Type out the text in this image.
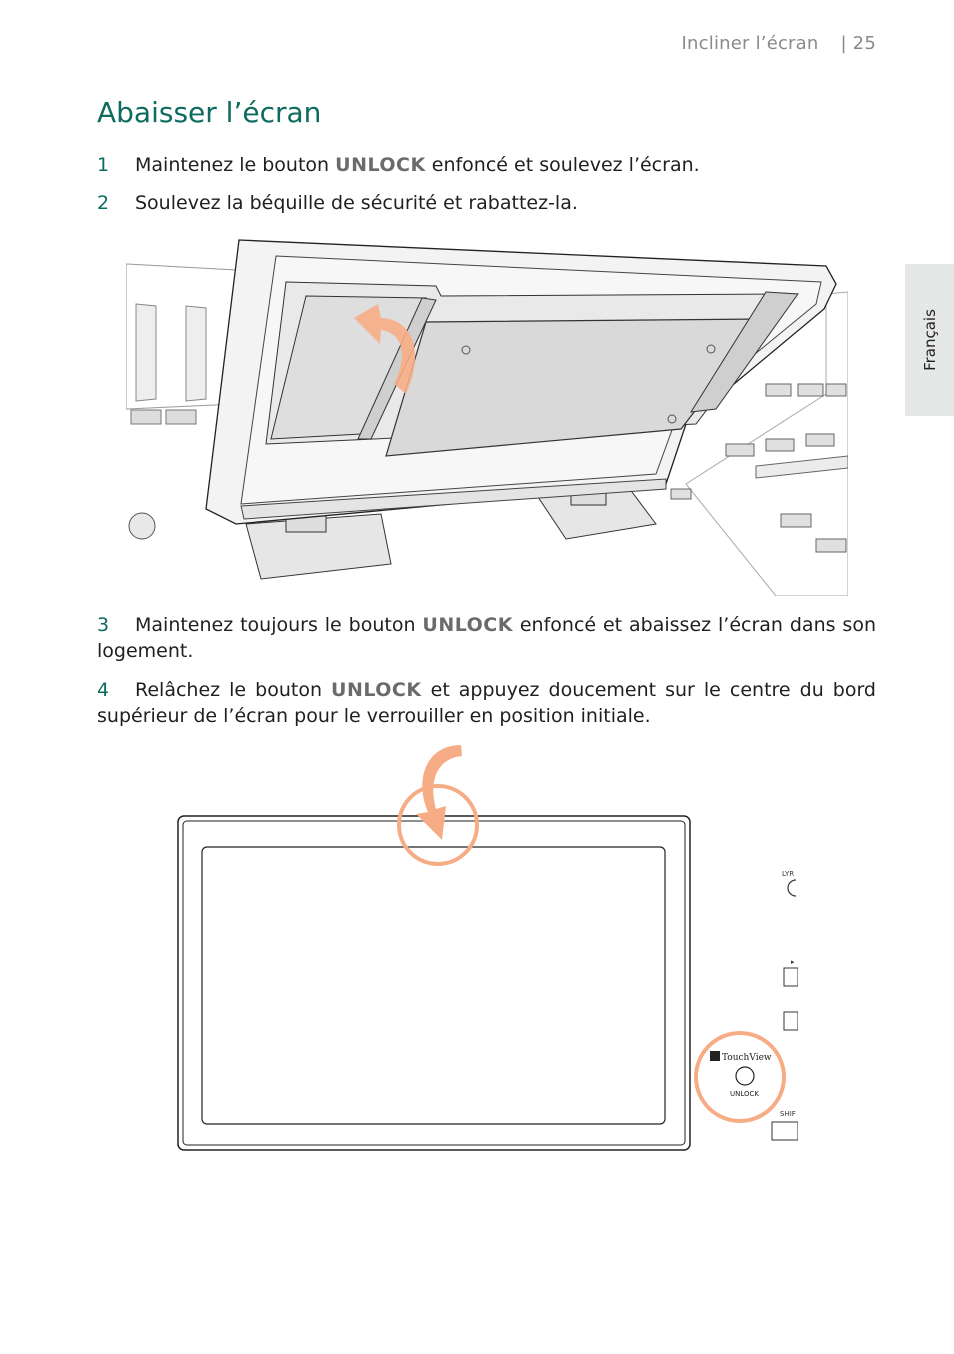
Incliner l’écran | 25
Français
Abaisser l’écran
1 Maintenez le bouton UNLOCK enfoncé et soulevez l’écran.
2 Soulevez la béquille de sécurité et rabattez-la.
3 Maintenez toujours le bouton UNLOCK enfoncé et abaissez l’écran dans son logement.
4 Relâchez le bouton UNLOCK et appuyez doucement sur le centre du bord supérieur de l’écran pour le verrouiller en position initiale.
LYR
▸
SHIF
TouchView
UNLOCK
